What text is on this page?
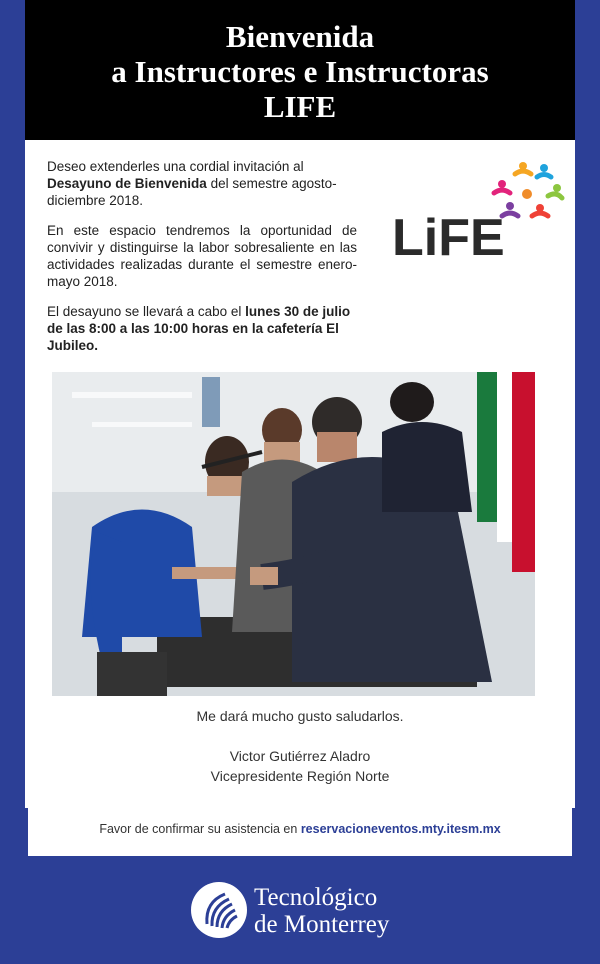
Bienvenida
a Instructores e Instructoras
LIFE

Deseo extenderles una cordial invitación al Desayuno de Bienvenida del semestre agosto-diciembre 2018.

En este espacio tendremos la oportunidad de convivir y distinguirse la labor sobresaliente en las actividades realizadas durante el semestre enero-mayo 2018.

El desayuno se llevará a cabo el lunes 30 de julio de las 8:00 a las 10:00 horas en la cafetería El Jubileo.

LiFE
Me dará mucho gusto saludarlos.
Victor Gutiérrez Aladro
Vicepresidente Región Norte
Favor de confirmar su asistencia en reservacioneventos.mty.itesm.mx
Tecnológico
de Monterrey
